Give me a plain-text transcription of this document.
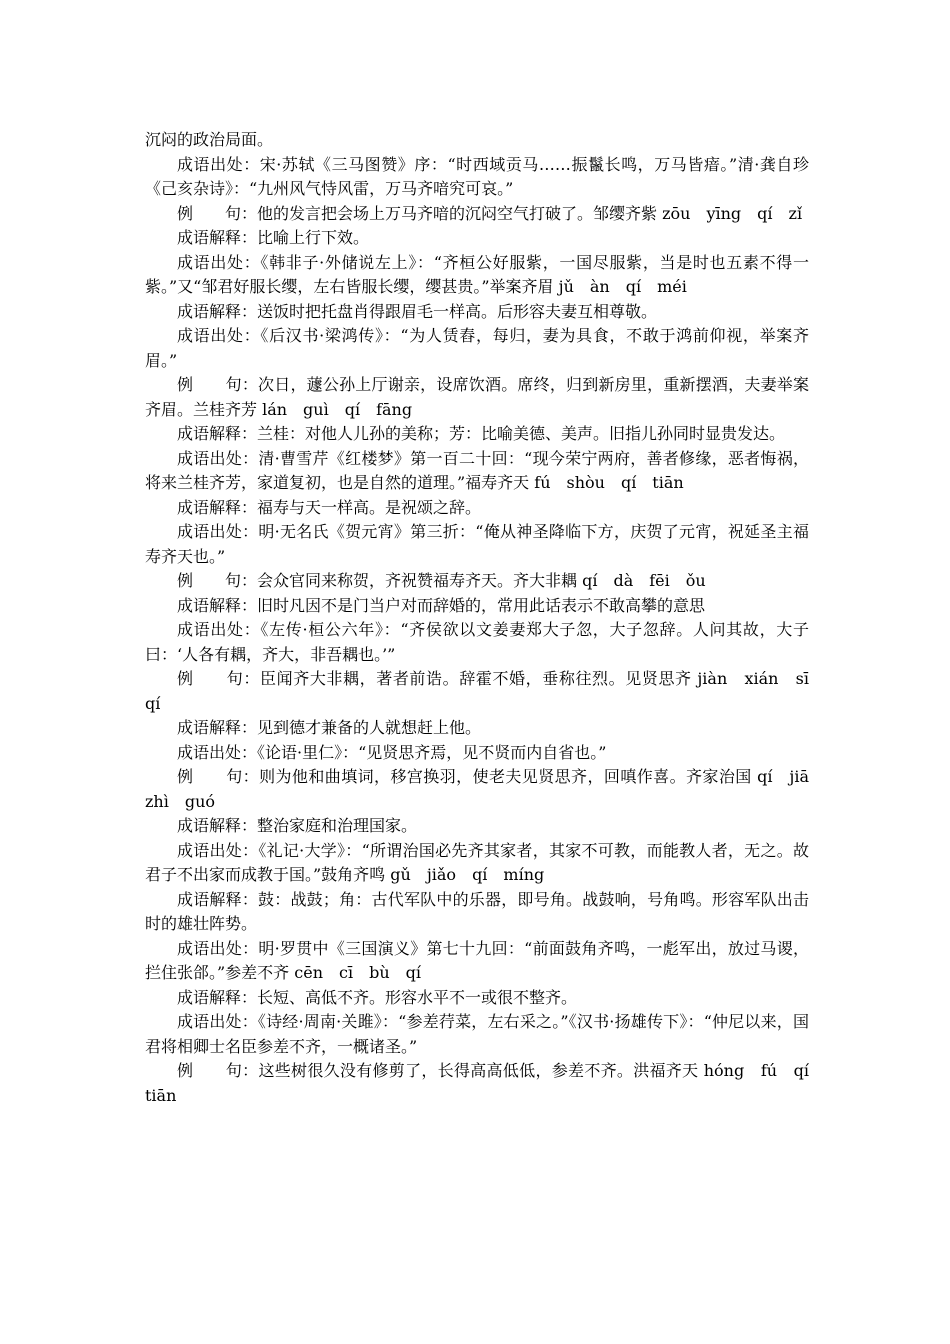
沉闷的政治局面。

成语出处：宋·苏轼《三马图赞》序：“时西域贡马……振鬣长鸣，万马皆瘖。”清·龚自珍《己亥杂诗》：“九州风气恃风雷，万马齐喑究可哀。”

例　　句：他的发言把会场上万马齐喑的沉闷空气打破了。邹缨齐紫 zōu　yīng　qí　zǐ

成语解释：比喻上行下效。

成语出处：《韩非子·外储说左上》：“齐桓公好服紫，一国尽服紫，当是时也五素不得一紫。”又“邹君好服长缨，左右皆服长缨，缨甚贵。”举案齐眉 jǔ　àn　qí　méi

成语解释：送饭时把托盘肖得跟眉毛一样高。后形容夫妻互相尊敬。

成语出处：《后汉书·梁鸿传》：“为人赁舂，每归，妻为具食，不敢于鸿前仰视，举案齐眉。”

例　　句：次日，蘧公孙上厅谢亲，设席饮酒。席终，归到新房里，重新摆酒，夫妻举案齐眉。兰桂齐芳 lán　guì　qí　fāng

成语解释：兰桂：对他人儿孙的美称；芳：比喻美德、美声。旧指儿孙同时显贵发达。

成语出处：清·曹雪芹《红楼梦》第一百二十回：“现今荣宁两府，善者修缘，恶者悔祸，将来兰桂齐芳，家道复初，也是自然的道理。”福寿齐天 fú　shòu　qí　tiān

成语解释：福寿与天一样高。是祝颂之辞。

成语出处：明·无名氏《贺元宵》第三折：“俺从神圣降临下方，庆贺了元宵，祝延圣主福寿齐天也。”

例　　句：会众官同来称贺，齐祝赞福寿齐天。齐大非耦 qí　dà　fēi　ǒu

成语解释：旧时凡因不是门当户对而辞婚的，常用此话表示不敢高攀的意思

成语出处：《左传·桓公六年》：“齐侯欲以文姜妻郑大子忽，大子忽辞。人问其故，大子曰：‘人各有耦，齐大，非吾耦也。’”

例　　句：臣闻齐大非耦，著者前诰。辞霍不婚，垂称往烈。见贤思齐 jiàn　xián　sī　qí

成语解释：见到德才兼备的人就想赶上他。

成语出处：《论语·里仁》：“见贤思齐焉，见不贤而内自省也。”

例　　句：则为他和曲填词，移宫换羽，使老夫见贤思齐，回嗔作喜。齐家治国 qí　jiā　zhì　guó

成语解释：整治家庭和治理国家。

成语出处：《礼记·大学》：“所谓治国必先齐其家者，其家不可教，而能教人者，无之。故君子不出家而成教于国。”鼓角齐鸣 gǔ　jiǎo　qí　míng

成语解释：鼓：战鼓；角：古代军队中的乐器，即号角。战鼓响，号角鸣。形容军队出击时的雄壮阵势。

成语出处：明·罗贯中《三国演义》第七十九回：“前面鼓角齐鸣，一彪军出，放过马谡，拦住张郃。”参差不齐 cēn　cī　bù　qí

成语解释：长短、高低不齐。形容水平不一或很不整齐。

成语出处：《诗经·周南·关雎》：“参差荇菜，左右采之。”《汉书·扬雄传下》：“仲尼以来，国君将相卿士名臣参差不齐，一概诸圣。”

例　　句：这些树很久没有修剪了，长得高高低低，参差不齐。洪福齐天 hóng　fú　qí　tiān
